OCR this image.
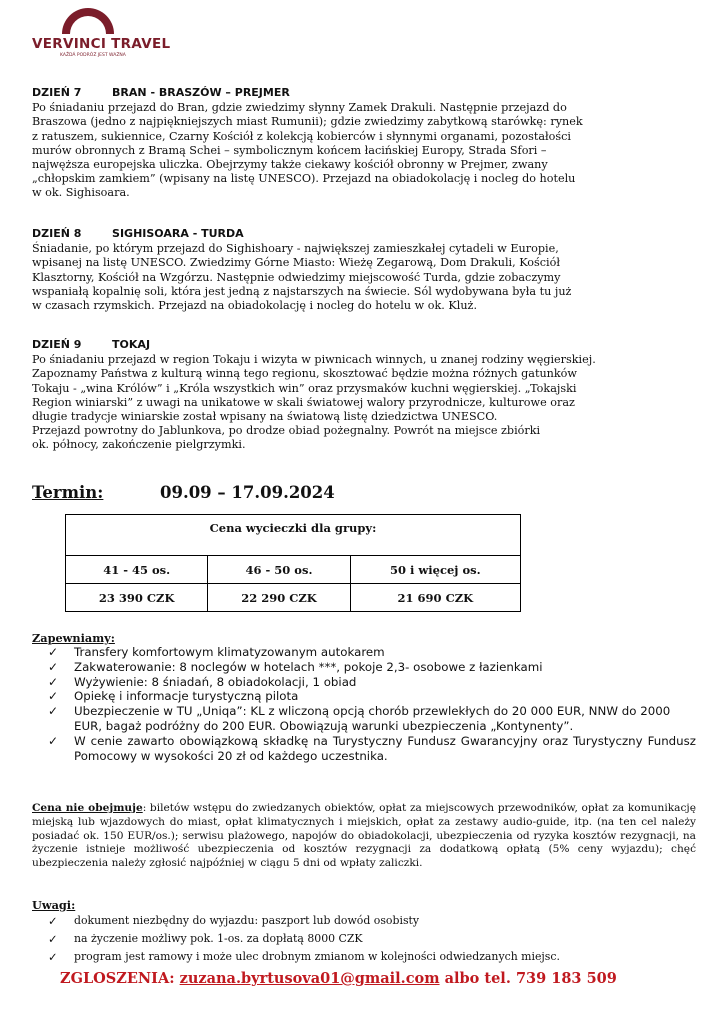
VERVINCI TRAVEL
KAŽDÁ PODRÓŻ JEST WAŻNA
DZIEŃ 7	BRAN - BRASZÓW – PREJMER
Po śniadaniu przejazd do Bran, gdzie zwiedzimy słynny Zamek Drakuli. Następnie przejazd do
Braszowa (jedno z najpiękniejszych miast Rumunii); gdzie zwiedzimy zabytkową starówkę: rynek
z ratuszem, sukiennice, Czarny Kościół z kolekcją kobierców i słynnymi organami, pozostałości
murów obronnych z Bramą Schei – symbolicznym końcem łacińskiej Europy, Strada Sfori –
najwęższa europejska uliczka. Obejrzymy także ciekawy kościół obronny w Prejmer, zwany
„chłopskim zamkiem” (wpisany na listę UNESCO). Przejazd na obiadokolację i nocleg do hotelu
w ok. Sighisoara.
DZIEŃ 8	SIGHISOARA - TURDA
Śniadanie, po którym przejazd do Sighishoary - największej zamieszkałej cytadeli w Europie,
wpisanej na listę UNESCO. Zwiedzimy Górne Miasto: Wieżę Zegarową, Dom Drakuli, Kościół
Klasztorny, Kościół na Wzgórzu. Następnie odwiedzimy miejscowość Turda, gdzie zobaczymy
wspaniałą kopalnię soli, która jest jedną z najstarszych na świecie. Sól wydobywana była tu już
w czasach rzymskich. Przejazd na obiadokolację i nocleg do hotelu w ok. Kluż.
DZIEŃ 9	TOKAJ
Po śniadaniu przejazd w region Tokaju i wizyta w piwnicach winnych, u znanej rodziny węgierskiej.
Zapoznamy Państwa z kulturą winną tego regionu, skosztować będzie można różnych gatunków
Tokaju - „wina Królów” i „Króla wszystkich win” oraz przysmaków kuchni węgierskiej. „Tokajski
Region winiarski” z uwagi na unikatowe w skali światowej walory przyrodnicze, kulturowe oraz
długie tradycje winiarskie został wpisany na światową listę dziedzictwa UNESCO.
Przejazd powrotny do Jablunkova, po drodze obiad pożegnalny. Powrót na miejsce zbiórki
ok. północy, zakończenie pielgrzymki.
Termin:	09.09 – 17.09.2024
Cena wycieczki dla grupy:		
41 - 45 os.	46 - 50 os.	50 i więcej os.
23 390 CZK	22 290 CZK	21 690 CZK
Zapewniamy:
✓ Transfery komfortowym klimatyzowanym autokarem
✓ Zakwaterowanie: 8 noclegów w hotelach ***, pokoje 2,3- osobowe z łazienkami
✓ Wyżywienie: 8 śniadań, 8 obiadokolacji, 1 obiad
✓ Opiekę i informacje turystyczną pilota
✓ Ubezpieczenie w TU „Uniqa”: KL z wliczoną opcją chorób przewlekłych do 20 000 EUR, NNW do 2000 EUR, bagaż podróżny do 200 EUR. Obowiązują warunki ubezpieczenia „Kontynenty”.
✓ W cenie zawarto obowiązkową składkę na Turystyczny Fundusz Gwarancyjny oraz Turystyczny Fundusz Pomocowy w wysokości 20 zł od każdego uczestnika.
Cena nie obejmuje: biletów wstępu do zwiedzanych obiektów, opłat za miejscowych przewodników, opłat za komunikację miejską lub wjazdowych do miast, opłat klimatycznych i miejskich, opłat za zestawy audio-guide, itp. (na ten cel należy posiadać ok. 150 EUR/os.); serwisu plażowego, napojów do obiadokolacji, ubezpieczenia od ryzyka kosztów rezygnacji, na życzenie istnieje możliwość ubezpieczenia od kosztów rezygnacji za dodatkową opłatą (5% ceny wyjazdu); chęć ubezpieczenia należy zgłosić najpóźniej w ciągu 5 dni od wpłaty zaliczki.
Uwagi:
✓ dokument niezbędny do wyjazdu: paszport lub dowód osobisty
✓ na życzenie możliwy pok. 1-os. za dopłatą 8000 CZK
✓ program jest ramowy i może ulec drobnym zmianom w kolejności odwiedzanych miejsc.
ZGLOSZENIA: zuzana.byrtusova01@gmail.com albo tel. 739 183 509
